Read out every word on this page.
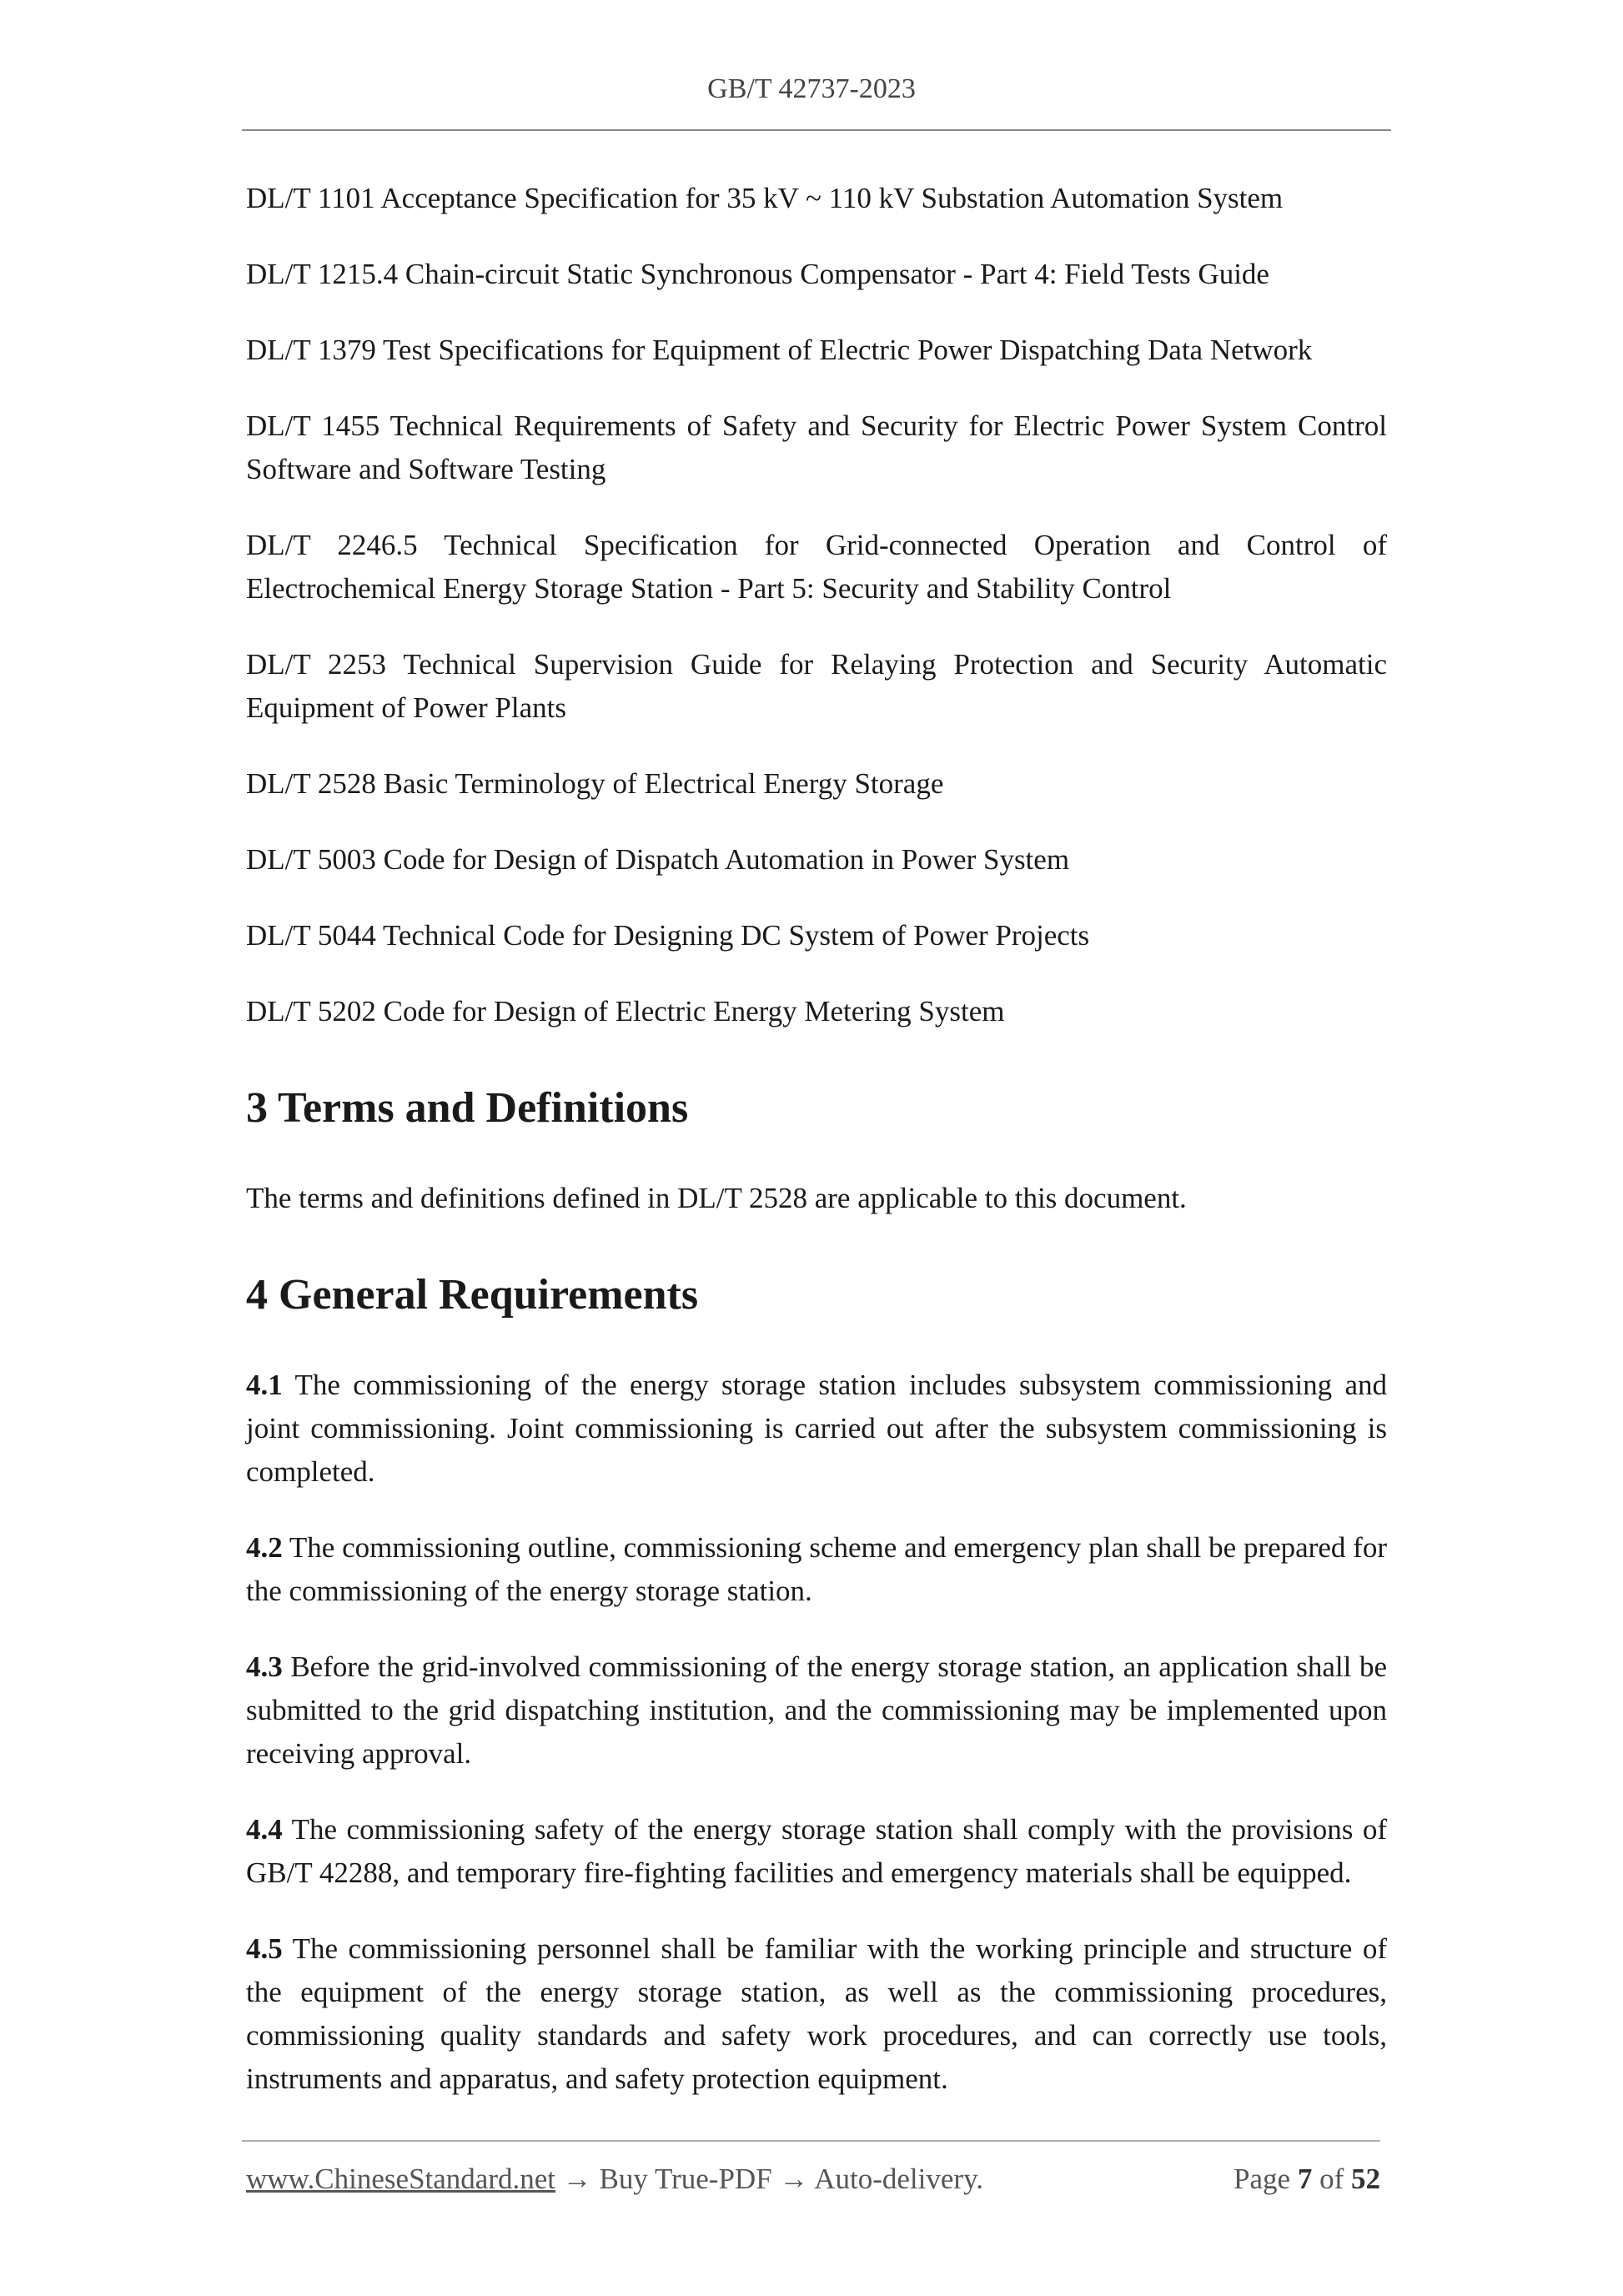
GB/T 42737-2023

DL/T 1101 Acceptance Specification for 35 kV ~ 110 kV Substation Automation System

DL/T 1215.4 Chain-circuit Static Synchronous Compensator - Part 4: Field Tests Guide

DL/T 1379 Test Specifications for Equipment of Electric Power Dispatching Data Network

DL/T 1455 Technical Requirements of Safety and Security for Electric Power System Control Software and Software Testing

DL/T 2246.5 Technical Specification for Grid-connected Operation and Control of Electrochemical Energy Storage Station - Part 5: Security and Stability Control

DL/T 2253 Technical Supervision Guide for Relaying Protection and Security Automatic Equipment of Power Plants

DL/T 2528 Basic Terminology of Electrical Energy Storage

DL/T 5003 Code for Design of Dispatch Automation in Power System

DL/T 5044 Technical Code for Designing DC System of Power Projects

DL/T 5202 Code for Design of Electric Energy Metering System

3 Terms and Definitions

The terms and definitions defined in DL/T 2528 are applicable to this document.

4 General Requirements

4.1 The commissioning of the energy storage station includes subsystem commissioning and joint commissioning. Joint commissioning is carried out after the subsystem commissioning is completed.

4.2 The commissioning outline, commissioning scheme and emergency plan shall be prepared for the commissioning of the energy storage station.

4.3 Before the grid-involved commissioning of the energy storage station, an application shall be submitted to the grid dispatching institution, and the commissioning may be implemented upon receiving approval.

4.4 The commissioning safety of the energy storage station shall comply with the provisions of GB/T 42288, and temporary fire-fighting facilities and emergency materials shall be equipped.

4.5 The commissioning personnel shall be familiar with the working principle and structure of the equipment of the energy storage station, as well as the commissioning procedures, commissioning quality standards and safety work procedures, and can correctly use tools, instruments and apparatus, and safety protection equipment.

www.ChineseStandard.net → Buy True-PDF → Auto-delivery.	Page 7 of 52
